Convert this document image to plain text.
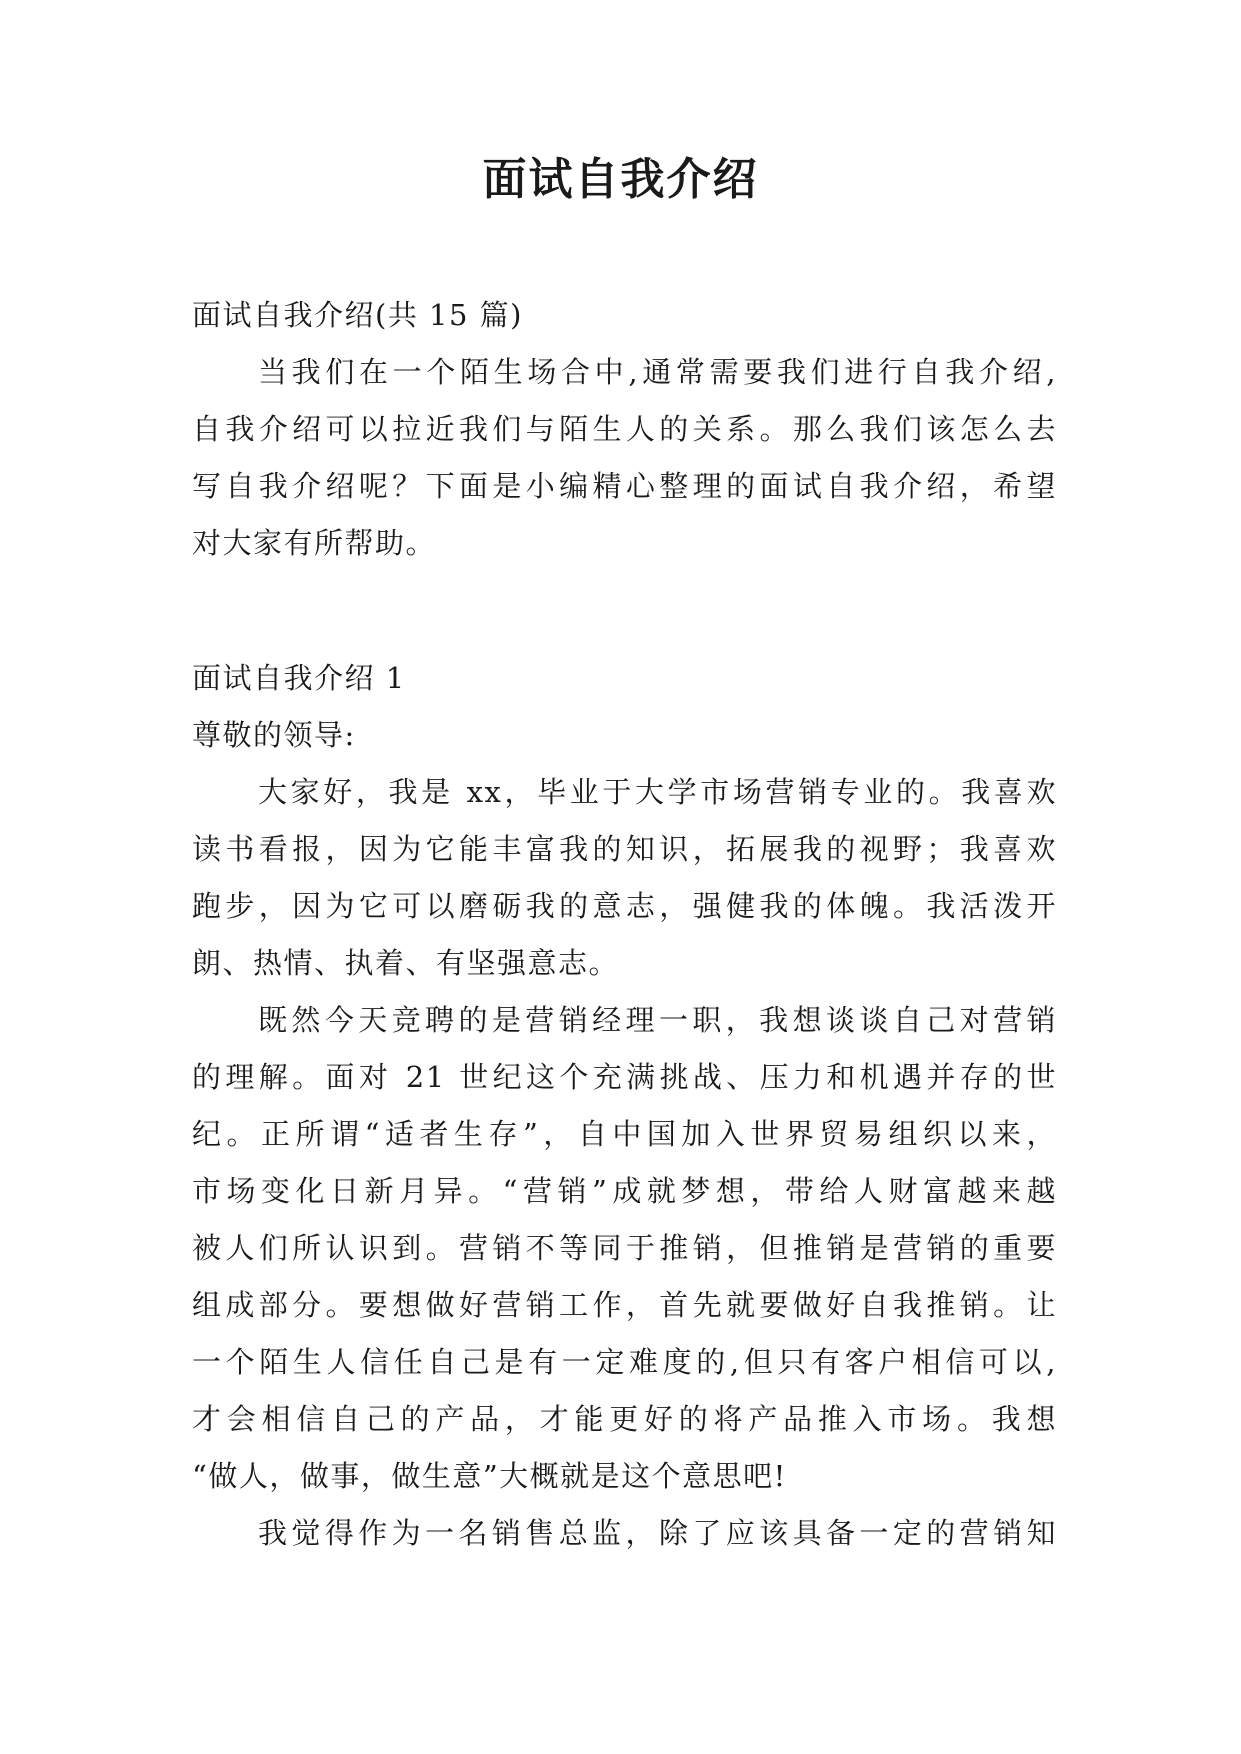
面试自我介绍
面试自我介绍(共 15 篇)
当我们在一个陌生场合中,通常需要我们进行自我介绍,
自我介绍可以拉近我们与陌生人的关系。那么我们该怎么去
写自我介绍呢？下面是小编精心整理的面试自我介绍，希望
对大家有所帮助。
面试自我介绍 1
尊敬的领导:
大家好，我是 xx，毕业于大学市场营销专业的。我喜欢
读书看报，因为它能丰富我的知识，拓展我的视野；我喜欢
跑步，因为它可以磨砺我的意志，强健我的体魄。我活泼开
朗、热情、执着、有坚强意志。
既然今天竞聘的是营销经理一职，我想谈谈自己对营销
的理解。面对 21 世纪这个充满挑战、压力和机遇并存的世
纪。正所谓“适者生存”，自中国加入世界贸易组织以来，
市场变化日新月异。“营销”成就梦想，带给人财富越来越
被人们所认识到。营销不等同于推销，但推销是营销的重要
组成部分。要想做好营销工作，首先就要做好自我推销。让
一个陌生人信任自己是有一定难度的,但只有客户相信可以,
才会相信自己的产品，才能更好的将产品推入市场。我想
“做人，做事，做生意”大概就是这个意思吧!
我觉得作为一名销售总监，除了应该具备一定的营销知
